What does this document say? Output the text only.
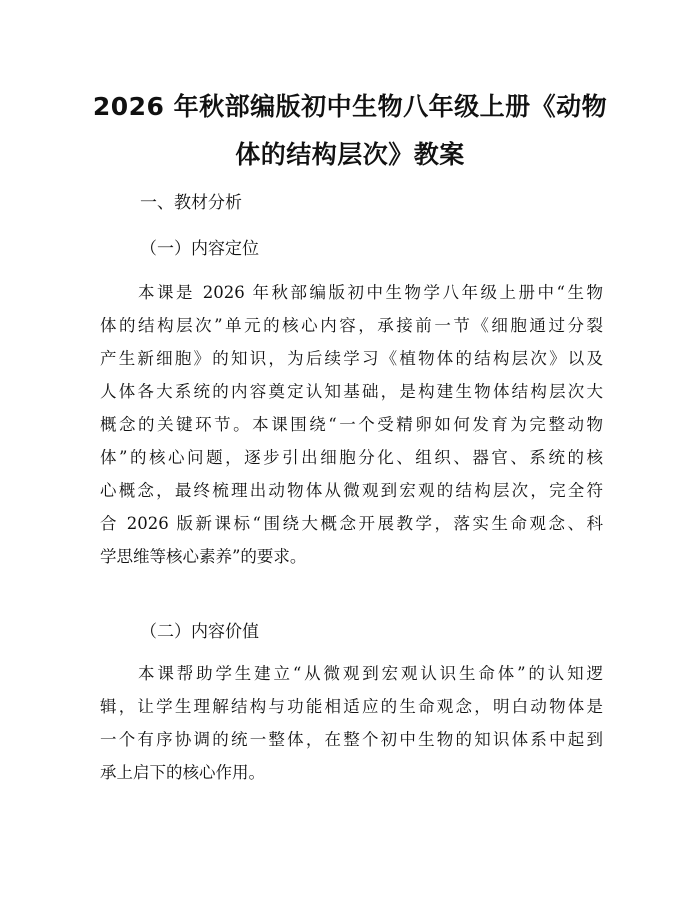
2026 年秋部编版初中生物八年级上册《动物
体的结构层次》教案

一、教材分析

（一）内容定位

本课是 2026 年秋部编版初中生物学八年级上册中“生物
体的结构层次”单元的核心内容，承接前一节《细胞通过分裂
产生新细胞》的知识，为后续学习《植物体的结构层次》以及
人体各大系统的内容奠定认知基础，是构建生物体结构层次大
概念的关键环节。本课围绕“一个受精卵如何发育为完整动物
体”的核心问题，逐步引出细胞分化、组织、器官、系统的核
心概念，最终梳理出动物体从微观到宏观的结构层次，完全符
合 2026 版新课标“围绕大概念开展教学，落实生命观念、科
学思维等核心素养”的要求。

（二）内容价值

本课帮助学生建立“从微观到宏观认识生命体”的认知逻
辑，让学生理解结构与功能相适应的生命观念，明白动物体是
一个有序协调的统一整体，在整个初中生物的知识体系中起到
承上启下的核心作用。
